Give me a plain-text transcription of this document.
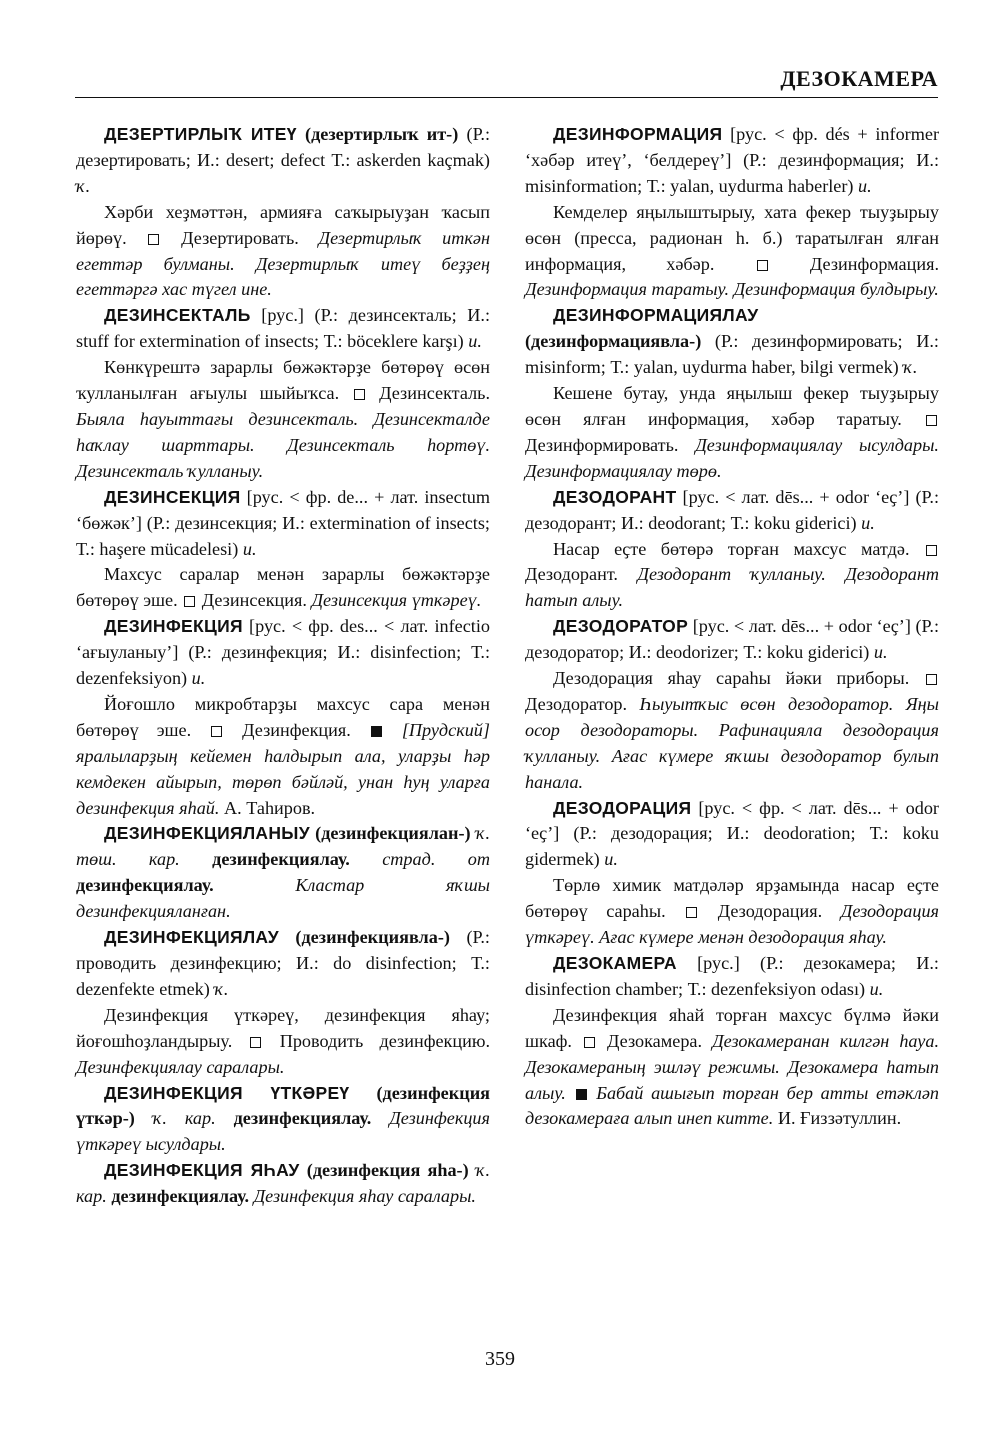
ДЕЗОКАМЕРА

ДЕЗЕРТИРЛЫҠ ИТЕҮ (дезертирлыҡ ит-) (Р.: дезертировать; И.: desert; defect Т.: askerden kaçmak) ҡ.

Хәрби хеҙмәттән, армияға саҡырыуҙан ҡасып йөрөү.  Дезертировать. Дезертирлыҡ иткән егеттәр булманы. Дезертирлыҡ итеү беҙҙең егеттәргә хас түгел ине.

ДЕЗИНСЕКТАЛЬ [рус.] (Р.: дезинсекталь; И.: stuff for extermination of insects; Т.: böceklere karşı) и.

Көнкүрештә зарарлы бөжәктәрҙе бөтөрөү өсөн ҡулланылған ағыулы шыйыҡса.  Дезинсекталь. Быяла һауыттағы дезинсекталь. Дезинсекталде һаҡлау шарттары. Дезинсекталь һортөү. Дезинсекталь ҡулланыу.

ДЕЗИНСЕКЦИЯ [рус. < фр. de... + лат. insectum ‘бөжәк’] (Р.: дезинсекция; И.: extermination of insects; Т.: haşere mücadelesi) и.

Махсус саралар менән зарарлы бөжәктәрҙе бөтөрөү эше.  Дезинсекция. Дезинсекция үткәреү.

ДЕЗИНФЕКЦИЯ [рус. < фр. des... < лат. infectio ‘ағыуланыу’] (Р.: дезинфекция; И.: disinfection; Т.: dezenfeksiyon) и.

Йоғошло микробтарҙы махсус сара менән бөтөрөү эше.  Дезинфекция.  [Прудский] яралыларҙың кейемен һалдырып ала, уларҙы һәр кемдекен айырып, төрөп бәйләй, унан һуң уларға дезинфекция яһай. А. Таһиров.

ДЕЗИНФЕКЦИЯЛАНЫУ (дезинфекциялан-) ҡ. төш. кар. дезинфекциялау. страд. от дезинфекциялау. Кластар яҡшы дезинфекцияланған.

ДЕЗИНФЕКЦИЯЛАУ (дезинфекциявла-) (Р.: проводить дезинфекцию; И.: do disinfection; Т.: dezenfekte etmek) ҡ.

Дезинфекция үткәреү, дезинфекция яһау; йоғошһоҙландырыу.  Проводить дезинфекцию. Дезинфекциялау саралары.

ДЕЗИНФЕКЦИЯ ҮТКӘРЕҮ (дезинфекция үткәр-) ҡ. кар. дезинфекциялау. Дезинфекция үткәреү ысулдары.

ДЕЗИНФЕКЦИЯ ЯҺАУ (дезинфекция яһа-) ҡ. кар. дезинфекциялау. Дезинфекция яһау саралары.

ДЕЗИНФОРМАЦИЯ [рус. < фр. dés + informer ‘хәбәр итеү’, ‘белдереү’] (Р.: дезинформация; И.: misinformation; Т.: yalan, uydurma haberler) и.

Кемделер яңылыштырыу, хата фекер тыуҙырыу өсөн (пресса, радионан һ. б.) таратылған ялған информация, хәбәр.  Дезинформация. Дезинформация таратыу. Дезинформация булдырыу.

ДЕЗИНФОРМАЦИЯЛАУ (дезинформациявла-) (Р.: дезинформировать; И.: misinform; Т.: yalan, uydurma haber, bilgi vermek) ҡ.

Кешене бутау, унда яңылыш фекер тыуҙырыу өсөн ялған информация, хәбәр таратыу.  Дезинформировать. Дезинформациялау ысулдары. Дезинформациялау төрө.

ДЕЗОДОРАНТ [рус. < лат. dēs... + odor ‘еҫ’] (Р.: дезодорант; И.: deodorant; Т.: koku giderici) и.

Насар еҫте бөтөрә торған махсус матдә.  Дезодорант. Дезодорант ҡулланыу. Дезодорант һатып алыу.

ДЕЗОДОРАТОР [рус. < лат. dēs... + odor ‘еҫ’] (Р.: дезодоратор; И.: deodorizer; Т.: koku giderici) и.

Дезодорация яһау сараһы йәки приборы.  Дезодоратор. Һыуытҡыс өсөн дезодоратор. Яңы осор дезодораторы. Рафинацияла дезодорация ҡулланыу. Ағас күмере яҡшы дезодоратор булып һанала.

ДЕЗОДОРАЦИЯ [рус. < фр. < лат. dēs... + odor ‘еҫ’] (Р.: дезодорация; И.: deodoration; Т.: koku gidermek) и.

Төрлө химик матдәләр ярҙамында насар еҫте бөтөрөү сараһы.  Дезодорация. Дезодорация үткәреү. Ағас күмере менән дезодорация яһау.

ДЕЗОКАМЕРА [рус.] (Р.: дезокамера; И.: disinfection chamber; Т.: dezenfeksiyon odası) и.

Дезинфекция яһай торған махсус бүлмә йәки шкаф.  Дезокамера. Дезокамеранан килгән һауа. Дезокамераның эшләү режимы. Дезокамера һатып алыу.  Бабай ашығып торған бер атты етәкләп дезокамераға алып инеп китте. И. Ғиззәтуллин.

359
